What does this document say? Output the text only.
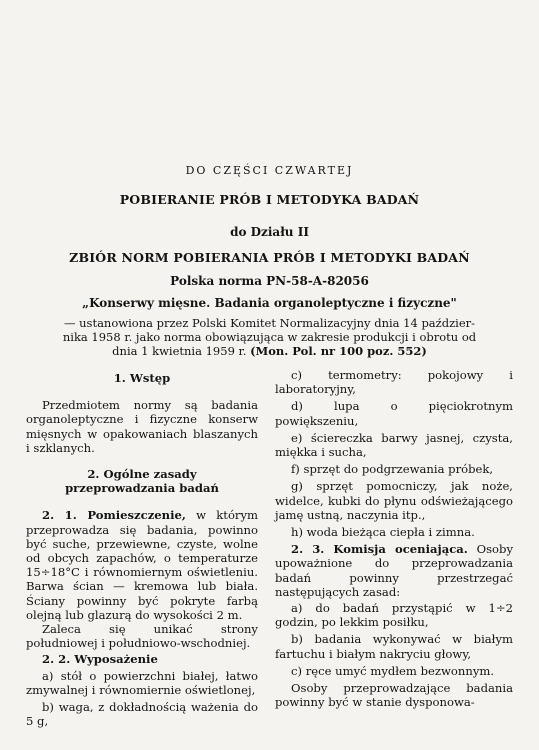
DO CZĘŚCI CZWARTEJ
POBIERANIE PRÓB I METODYKA BADAŃ
do Działu II
ZBIÓR NORM POBIERANIA PRÓB I METODYKI BADAŃ
Polska norma PN-58-A-82056
„Konserwy mięsne. Badania organoleptyczne i fizyczne"
— ustanowiona przez Polski Komitet Normalizacyjny dnia 14 paździer-
nika 1958 r. jako norma obowiązująca w zakresie produkcji i obrotu od
dnia 1 kwietnia 1959 r. (Mon. Pol. nr 100 poz. 552)

1. Wstęp

Przedmiotem normy są badania organoleptyczne i fizyczne konserw mięsnych w opakowaniach blaszanych i szklanych.

2. Ogólne zasady

przeprowadzania badań

2. 1. Pomieszczenie, w którym przeprowadza się badania, powinno być suche, przewiewne, czyste, wolne od obcych zapachów, o temperaturze 15÷18°C i równomiernym oświetleniu. Barwa ścian — kremowa lub biała. Ściany powinny być pokryte farbą olejną lub glazurą do wysokości 2 m.

Zaleca się unikać strony południowej i południowo-wschodniej.

2. 2. Wyposażenie

a) stół o powierzchni białej, łatwo zmywalnej i równomiernie oświetlonej,

b) waga, z dokładnością ważenia do 5 g,

c) termometry: pokojowy i laboratoryjny,

d) lupa o pięciokrotnym powiększeniu,

e) ściereczka barwy jasnej, czysta, miękka i sucha,

f) sprzęt do podgrzewania próbek,

g) sprzęt pomocniczy, jak noże, widelce, kubki do płynu odświeżającego jamę ustną, naczynia itp.,

h) woda bieżąca ciepła i zimna.

2. 3. Komisja oceniająca. Osoby upoważnione do przeprowadzania badań powinny przestrzegać następujących zasad:

a) do badań przystąpić w 1÷2 godzin, po lekkim posiłku,

b) badania wykonywać w białym fartuchu i białym nakryciu głowy,

c) ręce umyć mydłem bezwonnym.

Osoby przeprowadzające badania powinny być w stanie dysponowa-
